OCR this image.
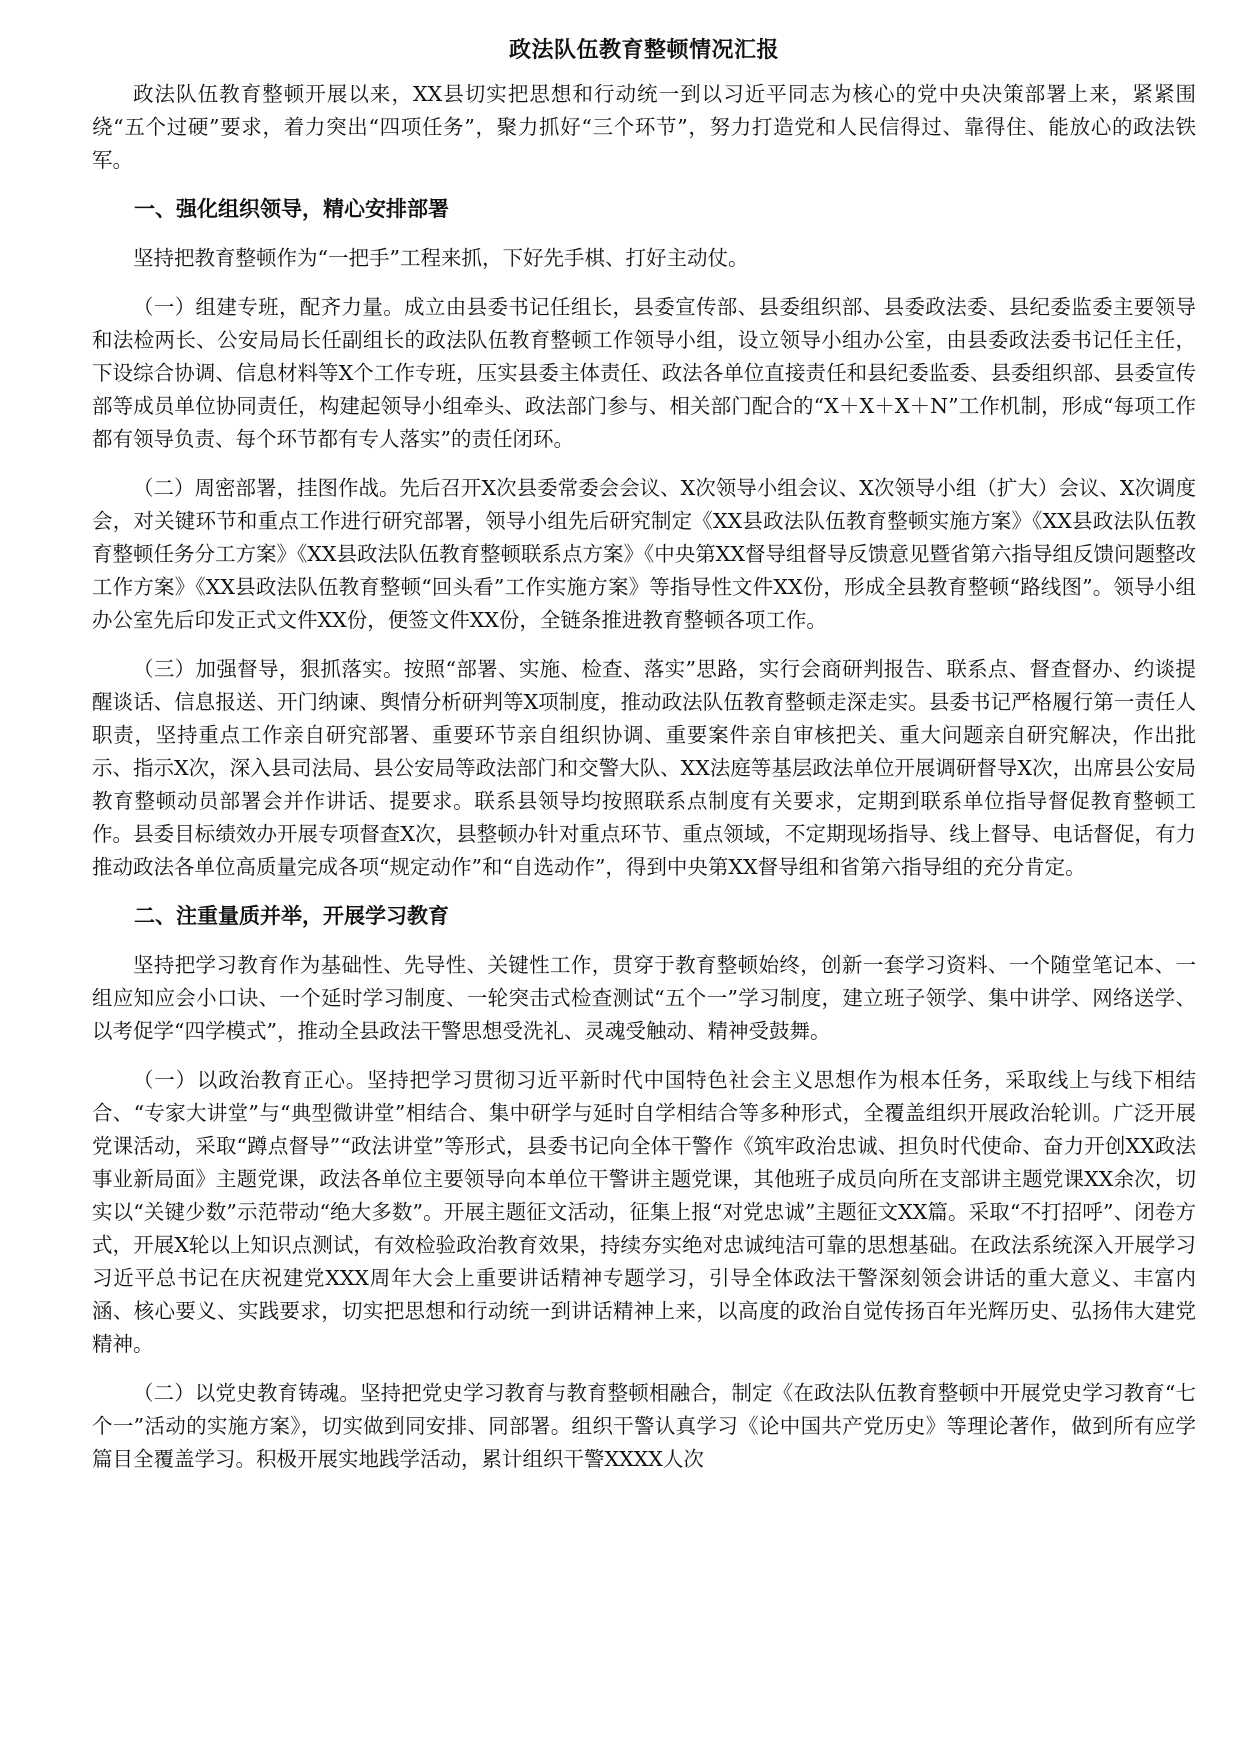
政法队伍教育整顿情况汇报

政法队伍教育整顿开展以来，XX县切实把思想和行动统一到以习近平同志为核心的党中央决策部署上来，紧紧围绕“五个过硬”要求，着力突出“四项任务”，聚力抓好“三个环节”，努力打造党和人民信得过、靠得住、能放心的政法铁军。

一、强化组织领导，精心安排部署

坚持把教育整顿作为“一把手”工程来抓，下好先手棋、打好主动仗。

（一）组建专班，配齐力量。成立由县委书记任组长，县委宣传部、县委组织部、县委政法委、县纪委监委主要领导和法检两长、公安局局长任副组长的政法队伍教育整顿工作领导小组，设立领导小组办公室，由县委政法委书记任主任，下设综合协调、信息材料等X个工作专班，压实县委主体责任、政法各单位直接责任和县纪委监委、县委组织部、县委宣传部等成员单位协同责任，构建起领导小组牵头、政法部门参与、相关部门配合的“X＋X＋X＋N”工作机制，形成“每项工作都有领导负责、每个环节都有专人落实”的责任闭环。

（二）周密部署，挂图作战。先后召开X次县委常委会会议、X次领导小组会议、X次领导小组（扩大）会议、X次调度会，对关键环节和重点工作进行研究部署，领导小组先后研究制定《XX县政法队伍教育整顿实施方案》《XX县政法队伍教育整顿任务分工方案》《XX县政法队伍教育整顿联系点方案》《中央第XX督导组督导反馈意见暨省第六指导组反馈问题整改工作方案》《XX县政法队伍教育整顿“回头看”工作实施方案》等指导性文件XX份，形成全县教育整顿“路线图”。领导小组办公室先后印发正式文件XX份，便签文件XX份，全链条推进教育整顿各项工作。

（三）加强督导，狠抓落实。按照“部署、实施、检查、落实”思路，实行会商研判报告、联系点、督查督办、约谈提醒谈话、信息报送、开门纳谏、舆情分析研判等X项制度，推动政法队伍教育整顿走深走实。县委书记严格履行第一责任人职责，坚持重点工作亲自研究部署、重要环节亲自组织协调、重要案件亲自审核把关、重大问题亲自研究解决，作出批示、指示X次，深入县司法局、县公安局等政法部门和交警大队、XX法庭等基层政法单位开展调研督导X次，出席县公安局教育整顿动员部署会并作讲话、提要求。联系县领导均按照联系点制度有关要求，定期到联系单位指导督促教育整顿工作。县委目标绩效办开展专项督查X次，县整顿办针对重点环节、重点领域，不定期现场指导、线上督导、电话督促，有力推动政法各单位高质量完成各项“规定动作”和“自选动作”，得到中央第XX督导组和省第六指导组的充分肯定。

二、注重量质并举，开展学习教育

坚持把学习教育作为基础性、先导性、关键性工作，贯穿于教育整顿始终，创新一套学习资料、一个随堂笔记本、一组应知应会小口诀、一个延时学习制度、一轮突击式检查测试“五个一”学习制度，建立班子领学、集中讲学、网络送学、以考促学“四学模式”，推动全县政法干警思想受洗礼、灵魂受触动、精神受鼓舞。

（一）以政治教育正心。坚持把学习贯彻习近平新时代中国特色社会主义思想作为根本任务，采取线上与线下相结合、“专家大讲堂”与“典型微讲堂”相结合、集中研学与延时自学相结合等多种形式，全覆盖组织开展政治轮训。广泛开展党课活动，采取“蹲点督导”“政法讲堂”等形式，县委书记向全体干警作《筑牢政治忠诚、担负时代使命、奋力开创XX政法事业新局面》主题党课，政法各单位主要领导向本单位干警讲主题党课，其他班子成员向所在支部讲主题党课XX余次，切实以“关键少数”示范带动“绝大多数”。开展主题征文活动，征集上报“对党忠诚”主题征文XX篇。采取“不打招呼”、闭卷方式，开展X轮以上知识点测试，有效检验政治教育效果，持续夯实绝对忠诚纯洁可靠的思想基础。在政法系统深入开展学习习近平总书记在庆祝建党XXX周年大会上重要讲话精神专题学习，引导全体政法干警深刻领会讲话的重大意义、丰富内涵、核心要义、实践要求，切实把思想和行动统一到讲话精神上来，以高度的政治自觉传扬百年光辉历史、弘扬伟大建党精神。

（二）以党史教育铸魂。坚持把党史学习教育与教育整顿相融合，制定《在政法队伍教育整顿中开展党史学习教育“七个一”活动的实施方案》，切实做到同安排、同部署。组织干警认真学习《论中国共产党历史》等理论著作，做到所有应学篇目全覆盖学习。积极开展实地践学活动，累计组织干警XXXX人次
